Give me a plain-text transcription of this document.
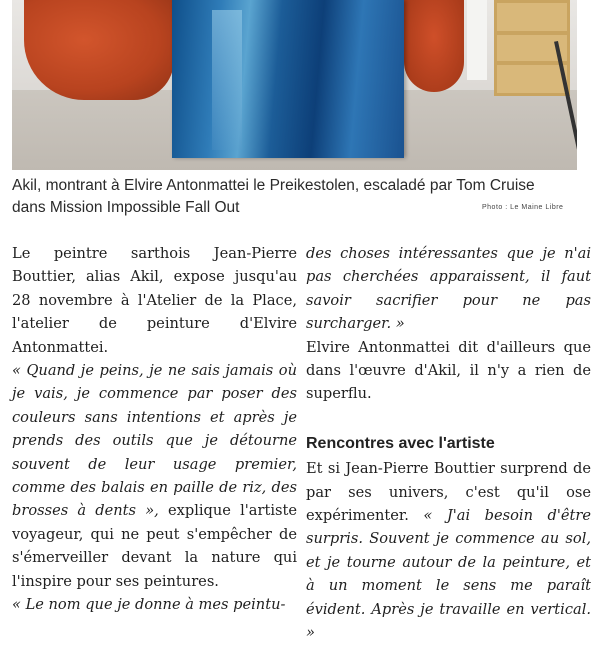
Akil, montrant à Elvire Antonmattei le Preikestolen, escaladé par Tom Cruise dans Mission Impossible Fall Out	Photo : Le Maine Libre

Le peintre sarthois Jean-Pierre Bouttier, alias Akil, expose jusqu'au 28 novembre à l'Atelier de la Place, l'atelier de peinture d'Elvire Antonmattei.

« Quand je peins, je ne sais jamais où je vais, je commence par poser des couleurs sans intentions et après je prends des outils que je détourne souvent de leur usage premier, comme des balais en paille de riz, des brosses à dents », explique l'artiste voyageur, qui ne peut s'empêcher de s'émerveiller devant la nature qui l'inspire pour ses peintures.

« Le nom que je donne à mes peintu-

des choses intéressantes que je n'ai pas cherchées apparaissent, il faut savoir sacrifier pour ne pas surcharger. »

Elvire Antonmattei dit d'ailleurs que dans l'œuvre d'Akil, il n'y a rien de superflu.

Rencontres avec l'artiste

Et si Jean-Pierre Bouttier surprend de par ses univers, c'est qu'il ose expérimenter. « J'ai besoin d'être surpris. Souvent je commence au sol, et je tourne autour de la peinture, et à un moment le sens me paraît évident. Après je travaille en vertical. »
